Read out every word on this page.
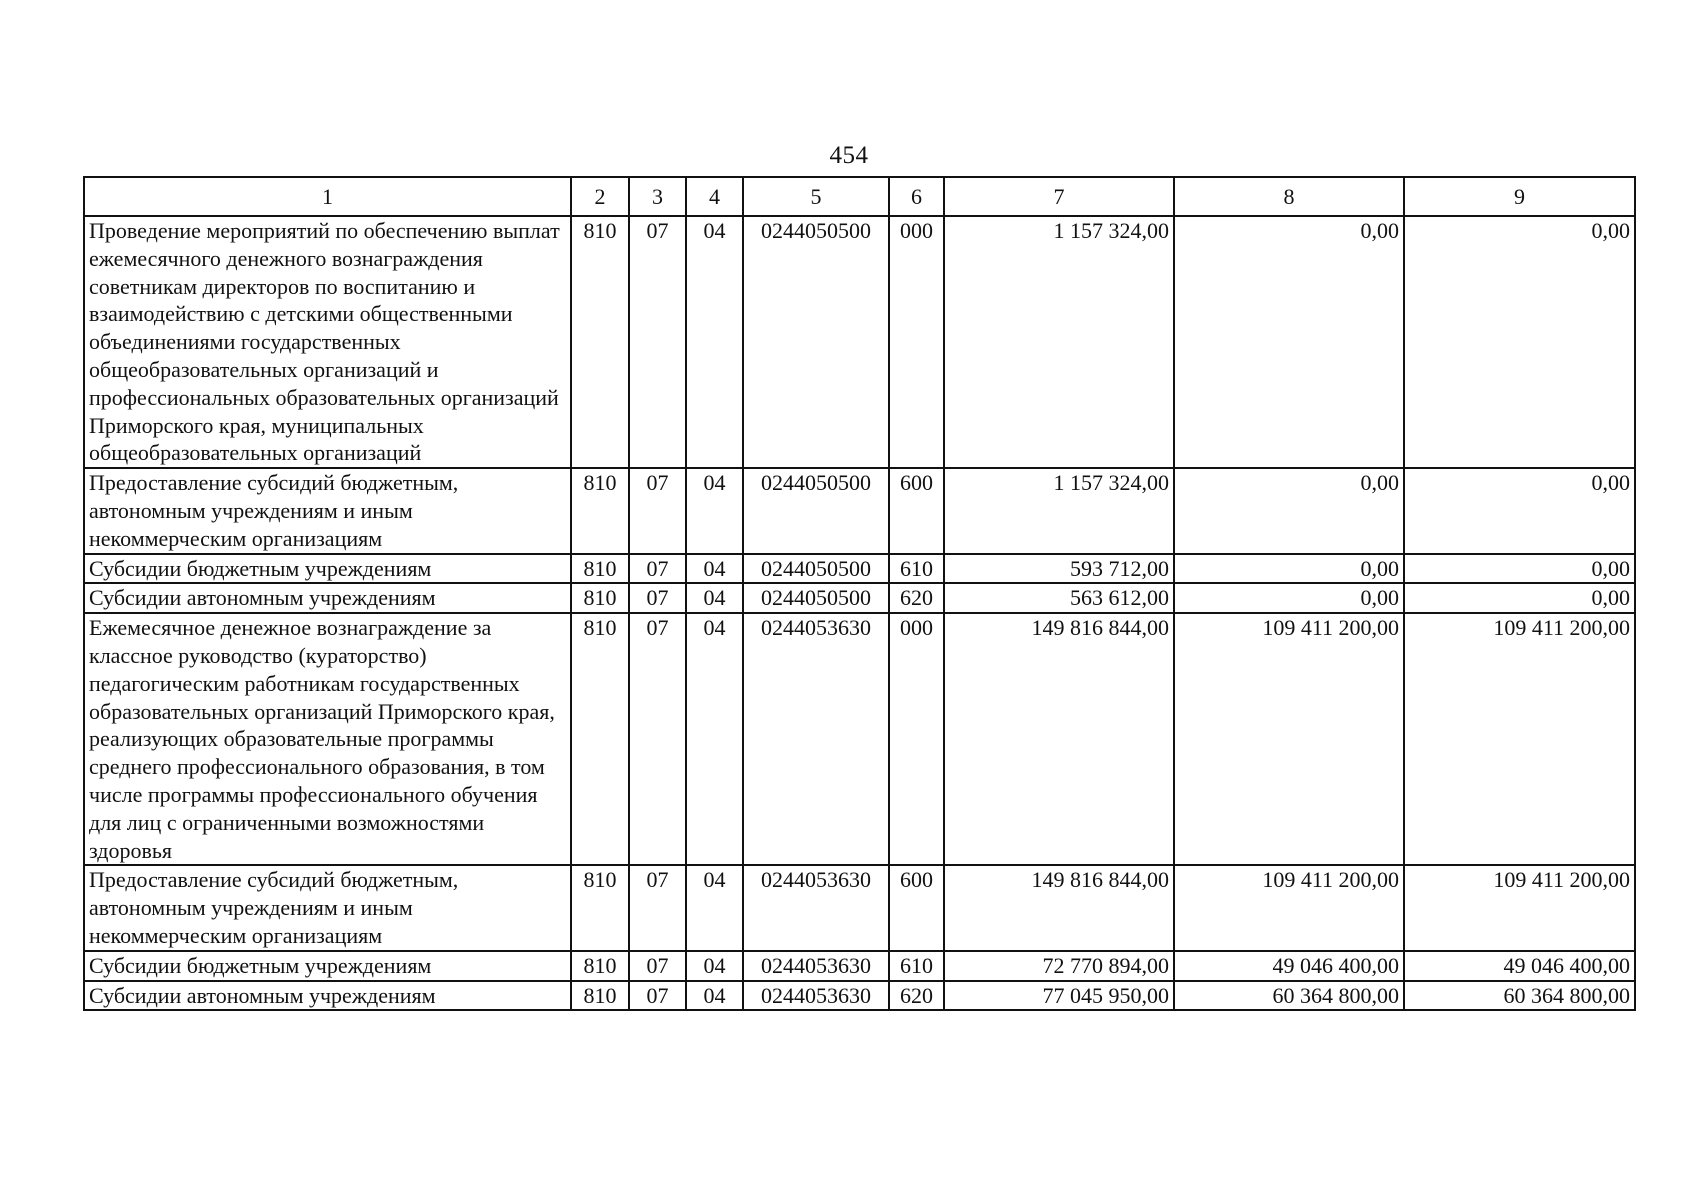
454
1	2	3	4	5	6	7	8	9
Проведение мероприятий по обеспечению выплат ежемесячного денежного вознаграждения советникам директоров по воспитанию и взаимодействию с детскими общественными объединениями государственных общеобразовательных организаций и профессиональных образовательных организаций Приморского края, муниципальных общеобразовательных организаций	810	07	04	0244050500	000	1 157 324,00	0,00	0,00
Предоставление субсидий бюджетным, автономным учреждениям и иным некоммерческим организациям	810	07	04	0244050500	600	1 157 324,00	0,00	0,00
Субсидии бюджетным учреждениям	810	07	04	0244050500	610	593 712,00	0,00	0,00
Субсидии автономным учреждениям	810	07	04	0244050500	620	563 612,00	0,00	0,00
Ежемесячное денежное вознаграждение за классное руководство (кураторство) педагогическим работникам государственных образовательных организаций Приморского края, реализующих образовательные программы среднего профессионального образования, в том числе программы профессионального обучения для лиц с ограниченными возможностями здоровья	810	07	04	0244053630	000	149 816 844,00	109 411 200,00	109 411 200,00
Предоставление субсидий бюджетным, автономным учреждениям и иным некоммерческим организациям	810	07	04	0244053630	600	149 816 844,00	109 411 200,00	109 411 200,00
Субсидии бюджетным учреждениям	810	07	04	0244053630	610	72 770 894,00	49 046 400,00	49 046 400,00
Субсидии автономным учреждениям	810	07	04	0244053630	620	77 045 950,00	60 364 800,00	60 364 800,00
